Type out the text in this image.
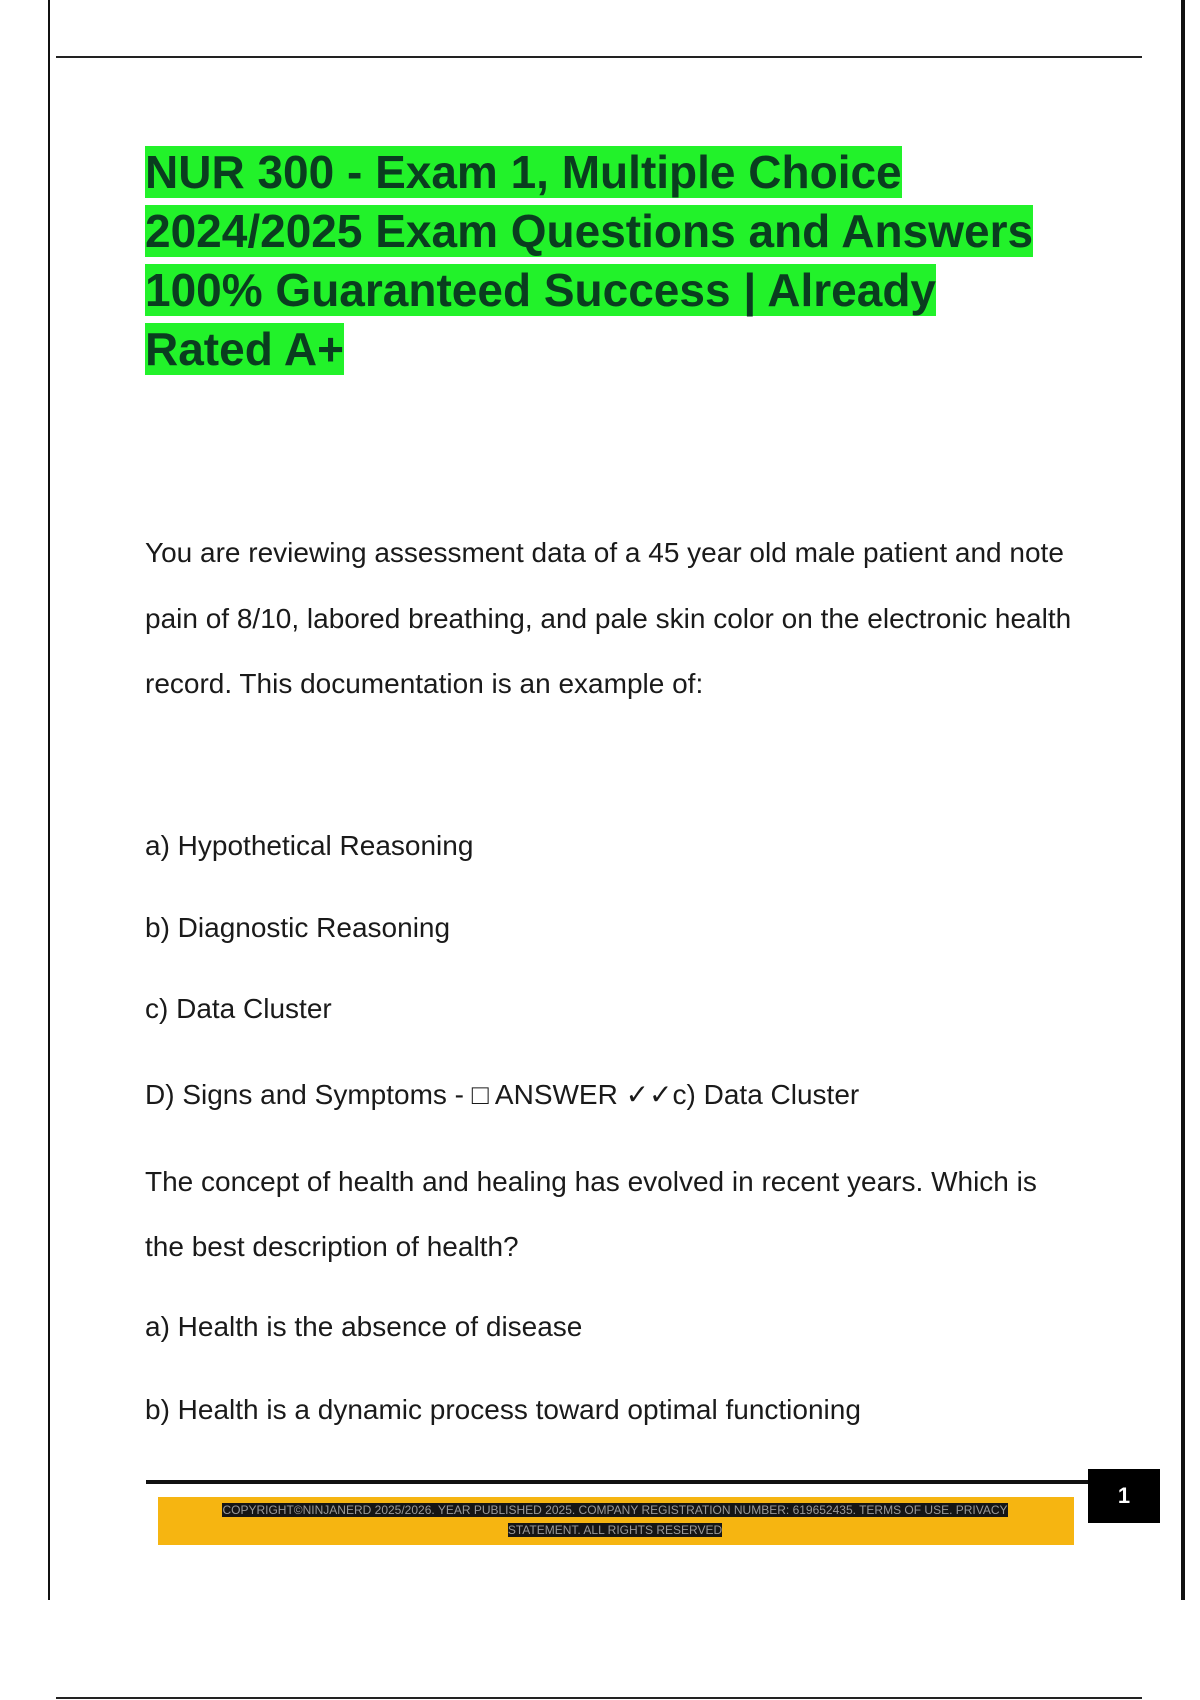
NUR 300 - Exam 1, Multiple Choice
2024/2025 Exam Questions and Answers
100% Guaranteed Success | Already
Rated A+
You are reviewing assessment data of a 45 year old male patient and note
pain of 8/10, labored breathing, and pale skin color on the electronic health
record. This documentation is an example of:
a) Hypothetical Reasoning
b) Diagnostic Reasoning
c) Data Cluster
D) Signs and Symptoms - □ ANSWER ✓✓c) Data Cluster
The concept of health and healing has evolved in recent years. Which is
the best description of health?
a) Health is the absence of disease
b) Health is a dynamic process toward optimal functioning
1
COPYRIGHT©NINJANERD 2025/2026. YEAR PUBLISHED 2025. COMPANY REGISTRATION NUMBER: 619652435. TERMS OF USE. PRIVACY
STATEMENT. ALL RIGHTS RESERVED
